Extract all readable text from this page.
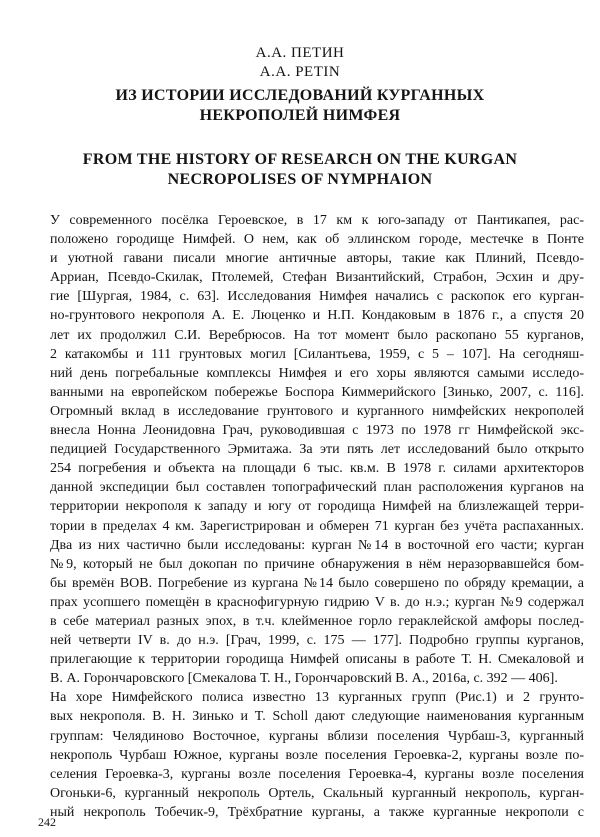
А.А. ПЕТИН
A.A. PETIN
ИЗ ИСТОРИИ ИССЛЕДОВАНИЙ КУРГАННЫХ
НЕКРОПОЛЕЙ НИМФЕЯ
FROM THE HISTORY OF RESEARCH ON THE KURGAN
NECROPOLISES OF NYMPHAION
У современного посёлка Героевское, в 17 км к юго-западу от Пантикапея, рас-
положено городище Нимфей. О нем, как об эллинском городе, местечке в Понте
и уютной гавани писали многие античные авторы, такие как Плиний, Псевдо-
Арриан, Псевдо-Скилак, Птолемей, Стефан Византийский, Страбон, Эсхин и дру-
гие [Шургая, 1984, с. 63]. Исследования Нимфея начались с раскопок его курган-
но-грунтового некрополя А. Е. Люценко и Н.П. Кондаковым в 1876 г., а спустя 20
лет их продолжил С.И. Веребрюсов. На тот момент было раскопано 55 курганов,
2 катакомбы и 111 грунтовых могил [Силантьева, 1959, с 5 – 107]. На сегодняш-
ний день погребальные комплексы Нимфея и его хоры являются самыми исследо-
ванными на европейском побережье Боспора Киммерийского [Зинько, 2007, с. 116].
Огромный вклад в исследование грунтового и курганного нимфейских некрополей
внесла Нонна Леонидовна Грач, руководившая с 1973 по 1978 гг Нимфейской экс-
педицией Государственного Эрмитажа. За эти пять лет исследований было открыто
254 погребения и объекта на площади 6 тыс. кв.м. В 1978 г. силами архитекторов
данной экспедиции был составлен топографический план расположения курганов на
территории некрополя к западу и югу от городища Нимфей на близлежащей терри-
тории в пределах 4 км. Зарегистрирован и обмерен 71 курган без учёта распаханных.
Два из них частично были исследованы: курган №14 в восточной его части; курган
№9, который не был докопан по причине обнаружения в нём неразорвавшейся бом-
бы времён ВОВ. Погребение из кургана №14 было совершено по обряду кремации, а
прах усопшего помещён в краснофигурную гидрию V в. до н.э.; курган №9 содержал
в себе материал разных эпох, в т.ч. клейменное горло гераклейской амфоры послед-
ней четверти IV в. до н.э. [Грач, 1999, с. 175 — 177]. Подробно группы курганов,
прилегающие к территории городища Нимфей описаны в работе Т. Н. Смекаловой и
В. А. Горончаровского [Смекалова Т. Н., Горончаровский В. А., 2016а, с. 392 — 406].
На хоре Нимфейского полиса известно 13 курганных групп (Рис.1) и 2 грунто-
вых некрополя. В. Н. Зинько и T. Scholl дают следующие наименования курганным
группам: Челядиново Восточное, курганы вблизи поселения Чурбаш-3, курганный
некрополь Чурбаш Южное, курганы возле поселения Героевка-2, курганы возле по-
селения Героевка-3, курганы возле поселения Героевка-4, курганы возле поселения
Огоньки-6, курганный некрополь Ортель, Скальный курганный некрополь, курган-
ный некрополь Тобечик-9, Трёхбратние курганы, а также курганные некрополи с
242
